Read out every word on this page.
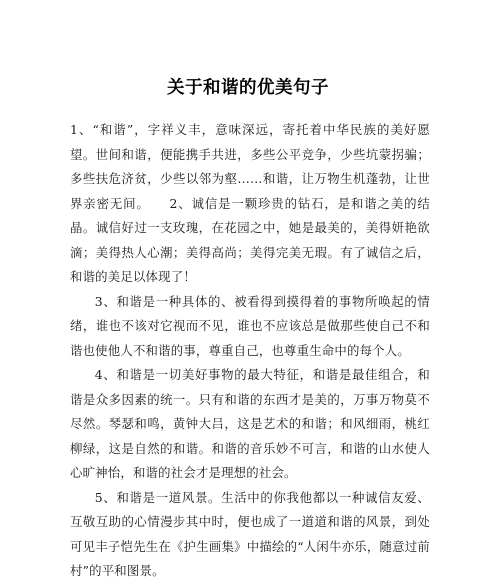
关于和谐的优美句子

1、“和谐”，字祥义丰，意味深远，寄托着中华民族的美好愿望。世间和谐，便能携手共进，多些公平竞争，少些坑蒙拐骗；多些扶危济贫，少些以邻为壑……和谐，让万物生机蓬勃，让世界亲密无间。 2、诚信是一颗珍贵的钻石，是和谐之美的结晶。诚信好过一支玫瑰，在花园之中，她是最美的，美得妍艳欲滴；美得热人心潮；美得高尚；美得完美无瑕。有了诚信之后，和谐的美足以体现了！

3、和谐是一种具体的、被看得到摸得着的事物所唤起的情绪，谁也不该对它视而不见，谁也不应该总是做那些使自己不和谐也使他人不和谐的事，尊重自己，也尊重生命中的每个人。

4、和谐是一切美好事物的最大特征，和谐是最佳组合，和谐是众多因素的统一。只有和谐的东西才是美的，万事万物莫不尽然。琴瑟和鸣，黄钟大吕，这是艺术的和谐；和风细雨，桃红柳绿，这是自然的和谐。和谐的音乐妙不可言，和谐的山水使人心旷神怡，和谐的社会才是理想的社会。

5、和谐是一道风景。生活中的你我他都以一种诚信友爱、互敬互助的心情漫步其中时，便也成了一道道和谐的风景，到处可见丰子恺先生在《护生画集》中描绘的“人闲牛亦乐，随意过前村”的平和图景。
